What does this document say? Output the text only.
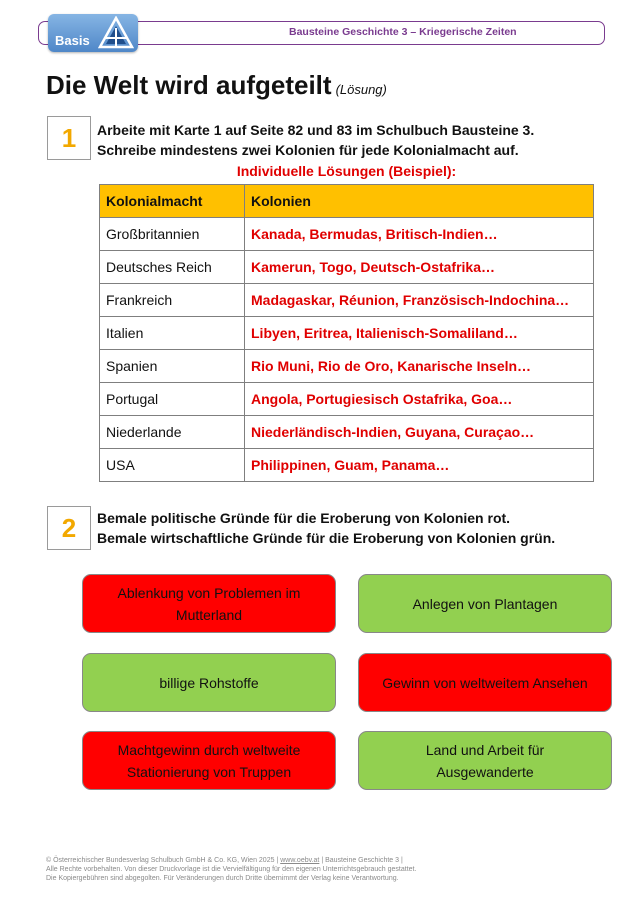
Bausteine Geschichte 3 – Kriegerische Zeiten
Basis
Die Welt wird aufgeteilt (Lösung)
1	Arbeite mit Karte 1 auf Seite 82 und 83 im Schulbuch Bausteine 3.
Schreibe mindestens zwei Kolonien für jede Kolonialmacht auf.
Individuelle Lösungen (Beispiel):
Kolonialmacht	Kolonien
Großbritannien	Kanada, Bermudas, Britisch-Indien…
Deutsches Reich	Kamerun, Togo, Deutsch-Ostafrika…
Frankreich	Madagaskar, Réunion, Französisch-Indochina…
Italien	Libyen, Eritrea, Italienisch-Somaliland…
Spanien	Rio Muni, Rio de Oro, Kanarische Inseln…
Portugal	Angola, Portugiesisch Ostafrika, Goa…
Niederlande	Niederländisch-Indien, Guyana, Curaçao…
USA	Philippinen, Guam, Panama…
2	Bemale politische Gründe für die Eroberung von Kolonien rot.
Bemale wirtschaftliche Gründe für die Eroberung von Kolonien grün.
Ablenkung von Problemen im
Mutterland
Anlegen von Plantagen
billige Rohstoffe	Gewinn von weltweitem Ansehen
Machtgewinn durch weltweite
Stationierung von Truppen
Land und Arbeit für
Ausgewanderte
© Österreichischer Bundesverlag Schulbuch GmbH & Co. KG, Wien 2025 | www.oebv.at | Bausteine Geschichte 3 |
Alle Rechte vorbehalten. Von dieser Druckvorlage ist die Vervielfältigung für den eigenen Unterrichtsgebrauch gestattet.
Die Kopiergebühren sind abgegolten. Für Veränderungen durch Dritte übernimmt der Verlag keine Verantwortung.
